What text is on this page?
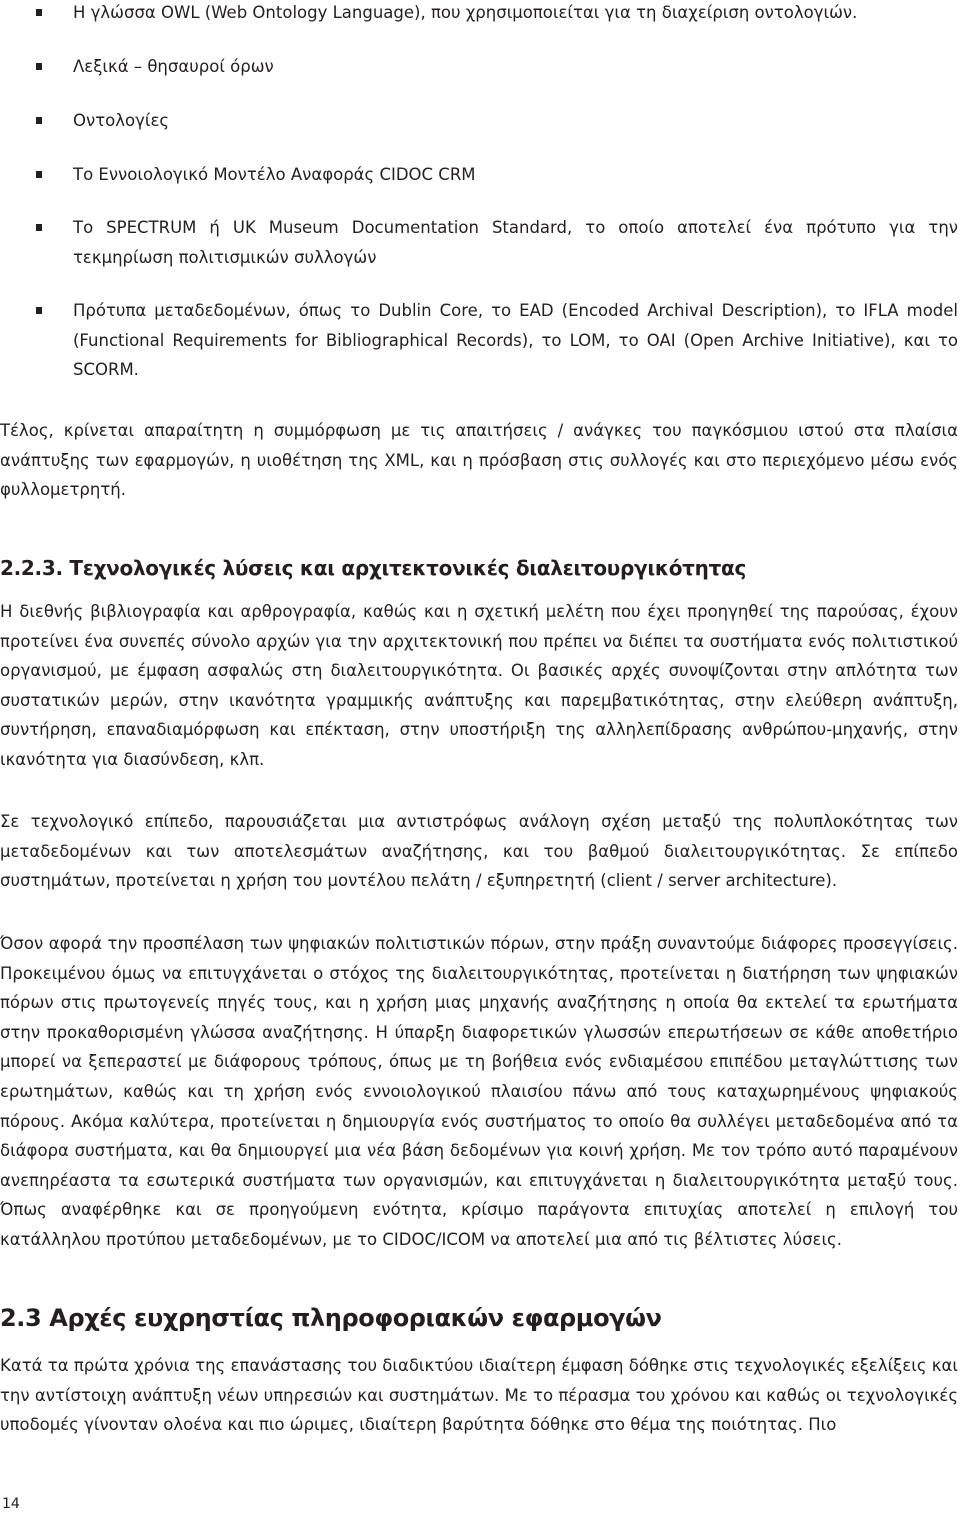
Η γλώσσα OWL (Web Ontology Language), που χρησιμοποιείται για τη διαχείριση οντολογιών.

Λεξικά – θησαυροί όρων

Οντολογίες

Το Εννοιολογικό Μοντέλο Αναφοράς CIDOC CRM

Το SPECTRUM ή UK Museum Documentation Standard, το οποίο αποτελεί ένα πρότυπο για την τεκμηρίωση πολιτισμικών συλλογών

Πρότυπα μεταδεδομένων, όπως το Dublin Core, το EAD (Encoded Archival Description), το IFLA model (Functional Requirements for Bibliographical Records), το LOM, το OAI (Open Archive Initiative), και το SCORM.

Τέλος, κρίνεται απαραίτητη η συμμόρφωση με τις απαιτήσεις / ανάγκες του παγκόσμιου ιστού στα πλαίσια ανάπτυξης των εφαρμογών, η υιοθέτηση της XML, και η πρόσβαση στις συλλογές και στο περιεχόμενο μέσω ενός φυλλομετρητή.

2.2.3. Τεχνολογικές λύσεις και αρχιτεκτονικές διαλειτουργικότητας

Η διεθνής βιβλιογραφία και αρθρογραφία, καθώς και η σχετική μελέτη που έχει προηγηθεί της παρούσας, έχουν προτείνει ένα συνεπές σύνολο αρχών για την αρχιτεκτονική που πρέπει να διέπει τα συστήματα ενός πολιτιστικού οργανισμού, με έμφαση ασφαλώς στη διαλειτουργικότητα. Οι βασικές αρχές συνοψίζονται στην απλότητα των συστατικών μερών, στην ικανότητα γραμμικής ανάπτυξης και παρεμβατικότητας, στην ελεύθερη ανάπτυξη, συντήρηση, επαναδιαμόρφωση και επέκταση, στην υποστήριξη της αλληλεπίδρασης ανθρώπου-μηχανής, στην ικανότητα για διασύνδεση, κλπ.

Σε τεχνολογικό επίπεδο, παρουσιάζεται μια αντιστρόφως ανάλογη σχέση μεταξύ της πολυπλοκότητας των μεταδεδομένων και των αποτελεσμάτων αναζήτησης, και του βαθμού διαλειτουργικότητας. Σε επίπεδο συστημάτων, προτείνεται η χρήση του μοντέλου πελάτη / εξυπηρετητή (client / server architecture).

Όσον αφορά την προσπέλαση των ψηφιακών πολιτιστικών πόρων, στην πράξη συναντούμε διάφορες προσεγγίσεις. Προκειμένου όμως να επιτυγχάνεται ο στόχος της διαλειτουργικότητας, προτείνεται η διατήρηση των ψηφιακών πόρων στις πρωτογενείς πηγές τους, και η χρήση μιας μηχανής αναζήτησης η οποία θα εκτελεί τα ερωτήματα στην προκαθορισμένη γλώσσα αναζήτησης. Η ύπαρξη διαφορετικών γλωσσών επερωτήσεων σε κάθε αποθετήριο μπορεί να ξεπεραστεί με διάφορους τρόπους, όπως με τη βοήθεια ενός ενδιαμέσου επιπέδου μεταγλώττισης των ερωτημάτων, καθώς και τη χρήση ενός εννοιολογικού πλαισίου πάνω από τους καταχωρημένους ψηφιακούς πόρους. Ακόμα καλύτερα, προτείνεται η δημιουργία ενός συστήματος το οποίο θα συλλέγει μεταδεδομένα από τα διάφορα συστήματα, και θα δημιουργεί μια νέα βάση δεδομένων για κοινή χρήση. Με τον τρόπο αυτό παραμένουν ανεπηρέαστα τα εσωτερικά συστήματα των οργανισμών, και επιτυγχάνεται η διαλειτουργικότητα μεταξύ τους. Όπως αναφέρθηκε και σε προηγούμενη ενότητα, κρίσιμο παράγοντα επιτυχίας αποτελεί η επιλογή του κατάλληλου προτύπου μεταδεδομένων, με το CIDOC/ICOM να αποτελεί μια από τις βέλτιστες λύσεις.

2.3 Αρχές ευχρηστίας πληροφοριακών εφαρμογών

Κατά τα πρώτα χρόνια της επανάστασης του διαδικτύου ιδιαίτερη έμφαση δόθηκε στις τεχνολογικές εξελίξεις και την αντίστοιχη ανάπτυξη νέων υπηρεσιών και συστημάτων. Με το πέρασμα του χρόνου και καθώς οι τεχνολογικές υποδομές γίνονταν ολοένα και πιο ώριμες, ιδιαίτερη βαρύτητα δόθηκε στο θέμα της ποιότητας. Πιο

14
